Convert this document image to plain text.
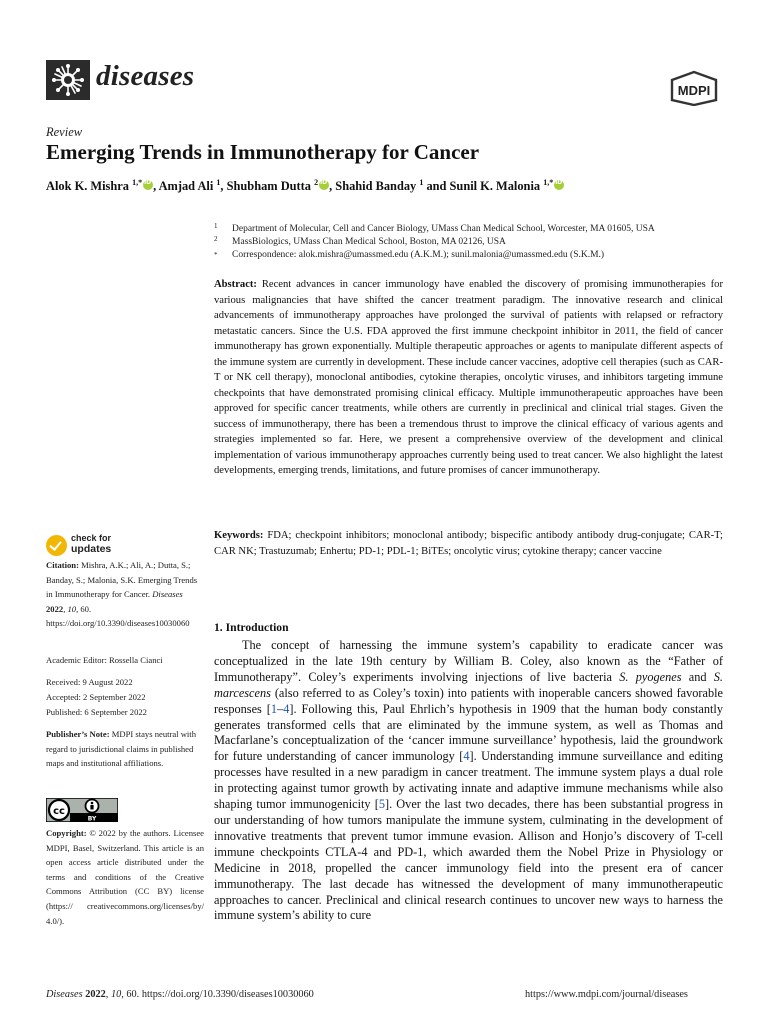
diseases	MDPI
Review
Emerging Trends in Immunotherapy for Cancer
Alok K. Mishra $^{1,*}$ iD , Amjad Ali $^1$, Shubham Dutta $^2$ iD , Shahid Banday $^1$ and Sunil K. Malonia $^{1,*}$iD
1 Department of Molecular, Cell and Cancer Biology, UMass Chan Medical School, Worcester, MA 01605, USA
2 MassBiologics, UMass Chan Medical School, Boston, MA 02126, USA
* Correspondence: alok.mishra@umassmed.edu (A.K.M.); sunil.malonia@umassmed.edu (S.K.M.)
Abstract: Recent advances in cancer immunology have enabled the discovery of promising immunotherapies for various malignancies that have shifted the cancer treatment paradigm. The innovative research and clinical advancements of immunotherapy approaches have prolonged the survival of patients with relapsed or refractory metastatic cancers. Since the U.S. FDA approved the first immune checkpoint inhibitor in 2011, the field of cancer immunotherapy has grown exponentially. Multiple therapeutic approaches or agents to manipulate different aspects of the immune system are currently in development. These include cancer vaccines, adoptive cell therapies (such as CAR-T or NK cell therapy), monoclonal antibodies, cytokine therapies, oncolytic viruses, and inhibitors targeting immune checkpoints that have demonstrated promising clinical efficacy. Multiple immunotherapeutic approaches have been approved for specific cancer treatments, while others are currently in preclinical and clinical trial stages. Given the success of immunotherapy, there has been a tremendous thrust to improve the clinical efficacy of various agents and strategies implemented so far. Here, we present a comprehensive overview of the development and clinical implementation of various immunotherapy approaches currently being used to treat cancer. We also highlight the latest developments, emerging trends, limitations, and future promises of cancer immunotherapy.
Keywords: FDA; checkpoint inhibitors; monoclonal antibody; bispecific antibody antibody drug-conjugate; CAR-T; CAR NK; Trastuzumab; Enhertu; PD-1; PDL-1; BiTEs; oncolytic virus; cytokine therapy; cancer vaccine
check for
updates
Citation: Mishra, A.K.; Ali, A.; Dutta, S.; Banday, S.; Malonia, S.K. Emerging Trends in Immunotherapy for Cancer. Diseases 2022, 10, 60. https://doi.org/10.3390/diseases10030060
Academic Editor: Rossella Cianci
Received: 9 August 2022
Accepted: 2 September 2022
Published: 6 September 2022
Publisher’s Note: MDPI stays neutral with regard to jurisdictional claims in published maps and institutional affiliations.
cc
BY
Copyright: © 2022 by the authors. Licensee MDPI, Basel, Switzerland. This article is an open access article distributed under the terms and conditions of the Creative Commons Attribution (CC BY) license (https:// creativecommons.org/licenses/by/ 4.0/).
1. Introduction
The concept of harnessing the immune system’s capability to eradicate cancer was conceptualized in the late 19th century by William B. Coley, also known as the “Father of Immunotherapy”. Coley’s experiments involving injections of live bacteria S. pyogenes and S. marcescens (also referred to as Coley’s toxin) into patients with inoperable cancers showed favorable responses [1–4]. Following this, Paul Ehrlich’s hypothesis in 1909 that the human body constantly generates transformed cells that are eliminated by the immune system, as well as Thomas and Macfarlane’s conceptualization of the ‘cancer immune surveillance’ hypothesis, laid the groundwork for future understanding of cancer immunology [4]. Understanding immune surveillance and editing processes have resulted in a new paradigm in cancer treatment. The immune system plays a dual role in protecting against tumor growth by activating innate and adaptive immune mechanisms while also shaping tumor immunogenicity [5]. Over the last two decades, there has been substantial progress in our understanding of how tumors manipulate the immune system, culminating in the development of innovative treatments that prevent tumor immune evasion. Allison and Honjo’s discovery of T-cell immune checkpoints CTLA-4 and PD-1, which awarded them the Nobel Prize in Physiology or Medicine in 2018, propelled the cancer immunology field into the present era of cancer immunotherapy. The last decade has witnessed the development of many immunotherapeutic approaches to cancer. Preclinical and clinical research continues to uncover new ways to harness the immune system’s ability to cure
Diseases 2022, 10, 60. https://doi.org/10.3390/diseases10030060	https://www.mdpi.com/journal/diseases
